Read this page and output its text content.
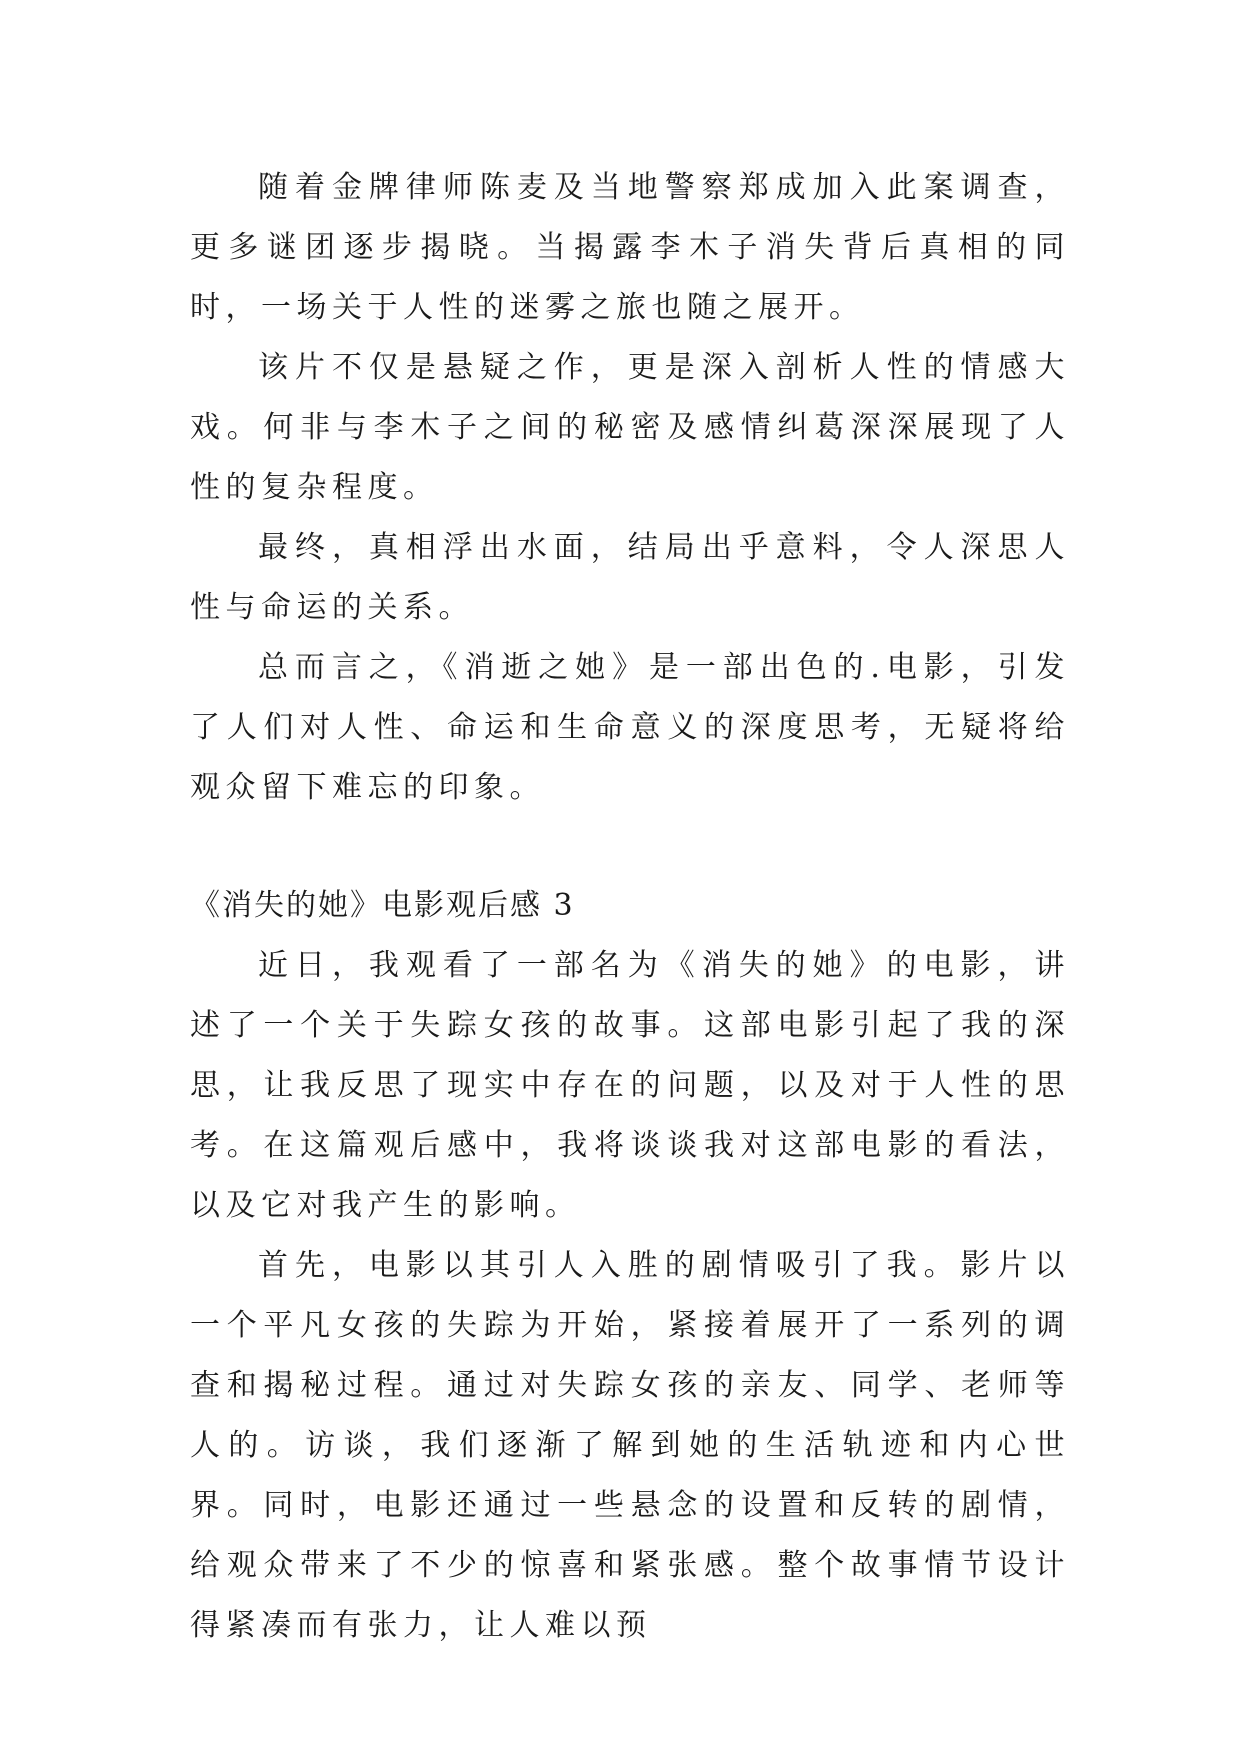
随着金牌律师陈麦及当地警察郑成加入此案调查，更多谜团逐步揭晓。当揭露李木子消失背后真相的同时，一场关于人性的迷雾之旅也随之展开。

该片不仅是悬疑之作，更是深入剖析人性的情感大戏。何非与李木子之间的秘密及感情纠葛深深展现了人性的复杂程度。

最终，真相浮出水面，结局出乎意料，令人深思人性与命运的关系。

总而言之，《消逝之她》是一部出色的.电影，引发了人们对人性、命运和生命意义的深度思考，无疑将给观众留下难忘的印象。

《消失的她》电影观后感 3

近日，我观看了一部名为《消失的她》的电影，讲述了一个关于失踪女孩的故事。这部电影引起了我的深思，让我反思了现实中存在的问题，以及对于人性的思考。在这篇观后感中，我将谈谈我对这部电影的看法，以及它对我产生的影响。

首先，电影以其引人入胜的剧情吸引了我。影片以一个平凡女孩的失踪为开始，紧接着展开了一系列的调查和揭秘过程。通过对失踪女孩的亲友、同学、老师等人的。访谈，我们逐渐了解到她的生活轨迹和内心世界。同时，电影还通过一些悬念的设置和反转的剧情，给观众带来了不少的惊喜和紧张感。整个故事情节设计得紧凑而有张力，让人难以预
